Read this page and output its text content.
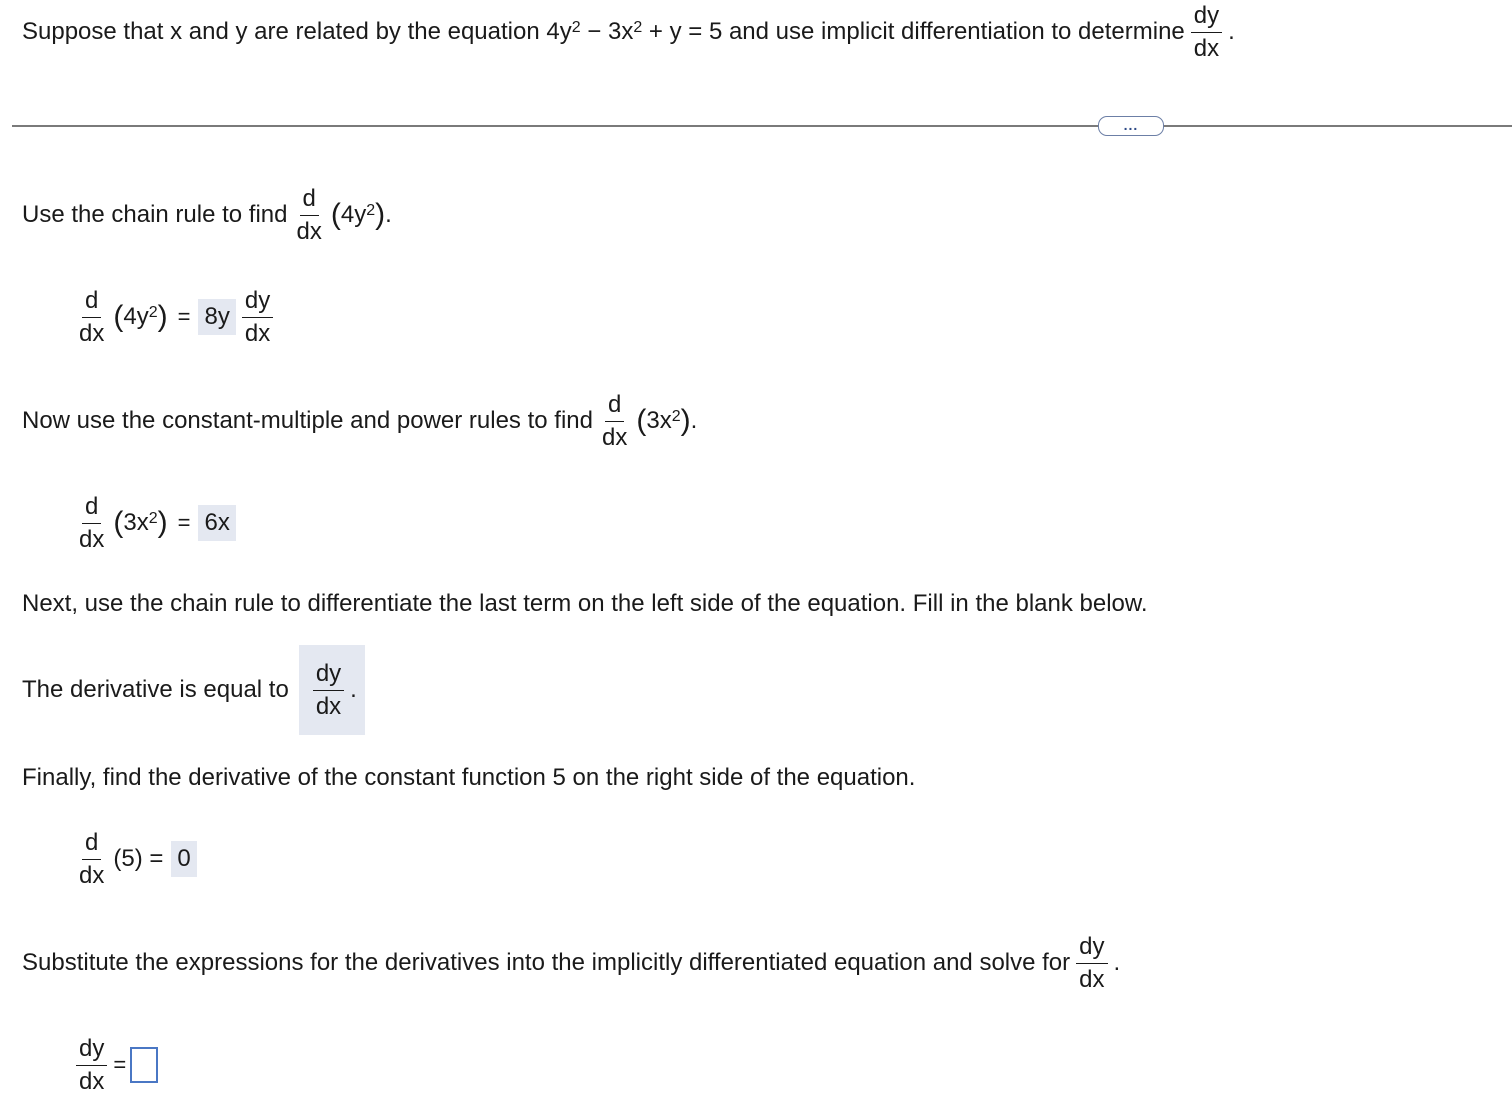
Suppose that x and y are related by the equation $4y^2 - 3x^2 + y = 5$ and use implicit differentiation to determine $\frac{dy}{dx}$ .
...
Use the chain rule to find $\frac{d}{dx}$ ( $4y^2$ ) .
$\frac{d}{dx}$ ( $4y^2$ ) = $8y \frac{dy}{dx}$
Now use the constant-multiple and power rules to find $\frac{d}{dx}$ ( $3x^2$ ) .
$\frac{d}{dx}$ ( $3x^2$ ) = 6x
Next, use the chain rule to differentiate the last term on the left side of the equation. Fill in the blank below.
The derivative is equal to $\frac{dy}{dx}$ .
Finally, find the derivative of the constant function 5 on the right side of the equation.
$\frac{d}{dx} (5) = 0$
Substitute the expressions for the derivatives into the implicitly differentiated equation and solve for $\frac{dy}{dx}$ .
$\frac{dy}{dx}$ =
